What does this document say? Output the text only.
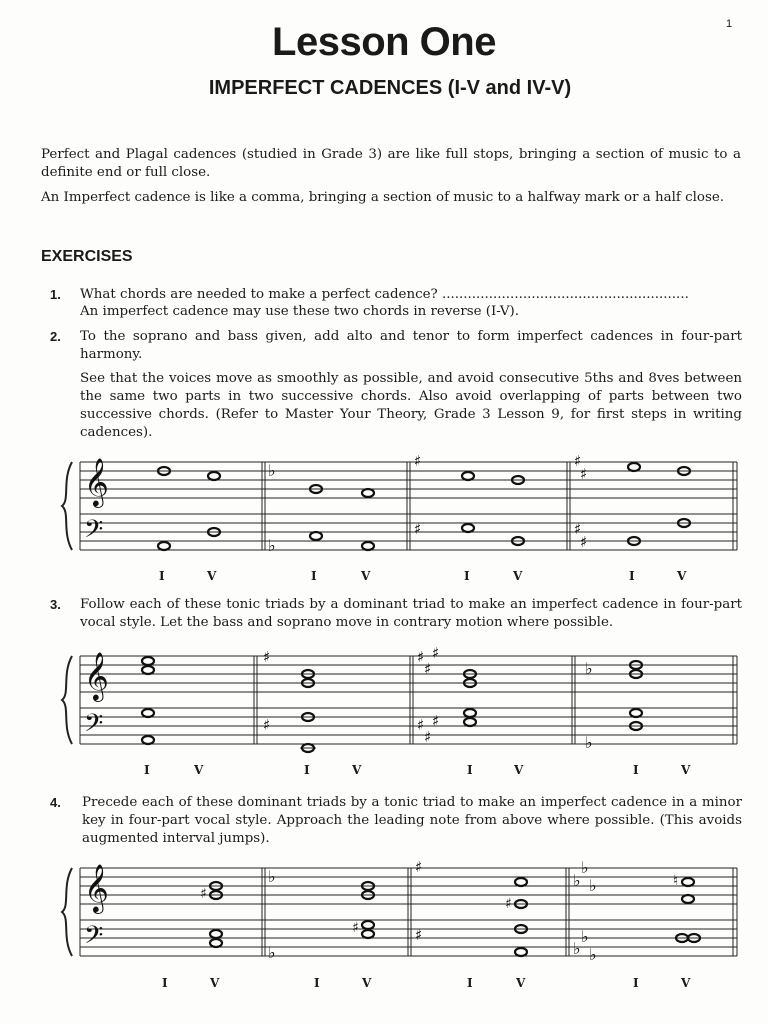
1
Lesson One
IMPERFECT CADENCES (I-V and IV-V)

Perfect and Plagal cadences (studied in Grade 3) are like full stops, bringing a section of music to a definite end or full close.

An Imperfect cadence is like a comma, bringing a section of music to a halfway mark or a half close.

EXERCISES
1. What chords are needed to make a perfect cadence? ..........................................................

An imperfect cadence may use these two chords in reverse (I-V).

2. To the soprano and bass given, add alto and tenor to form imperfect cadences in four-part harmony.

See that the voices move as smoothly as possible, and avoid consecutive 5ths and 8ves between the same two parts in two successive chords. Also avoid overlapping of parts between two successive chords. (Refer to Master Your Theory, Grade 3 Lesson 9, for first steps in writing cadences).

3. Follow each of these tonic triads by a dominant triad to make an imperfect cadence in four-part vocal style. Let the bass and soprano move in contrary motion where possible.

4. Precede each of these dominant triads by a tonic triad to make an imperfect cadence in a minor key in four-part vocal style. Approach the leading note from above where possible. (This avoids augmented interval jumps).

𝄞
𝄢
♭
♭
♯
♯
♯
♯
♯
♯
I	V	I	V	I	V	I	V
𝄞
𝄢
♯
♯
♯
♯
♯
♯
♯
♯
♭
♭
I	V	I	V	I	V	I	V
𝄞
𝄢
♭
♭
♯
♯
♭
♭
♭
♭
♭
♭
♯
♯
♯
♮
I	V	I	V	I	V	I	V
